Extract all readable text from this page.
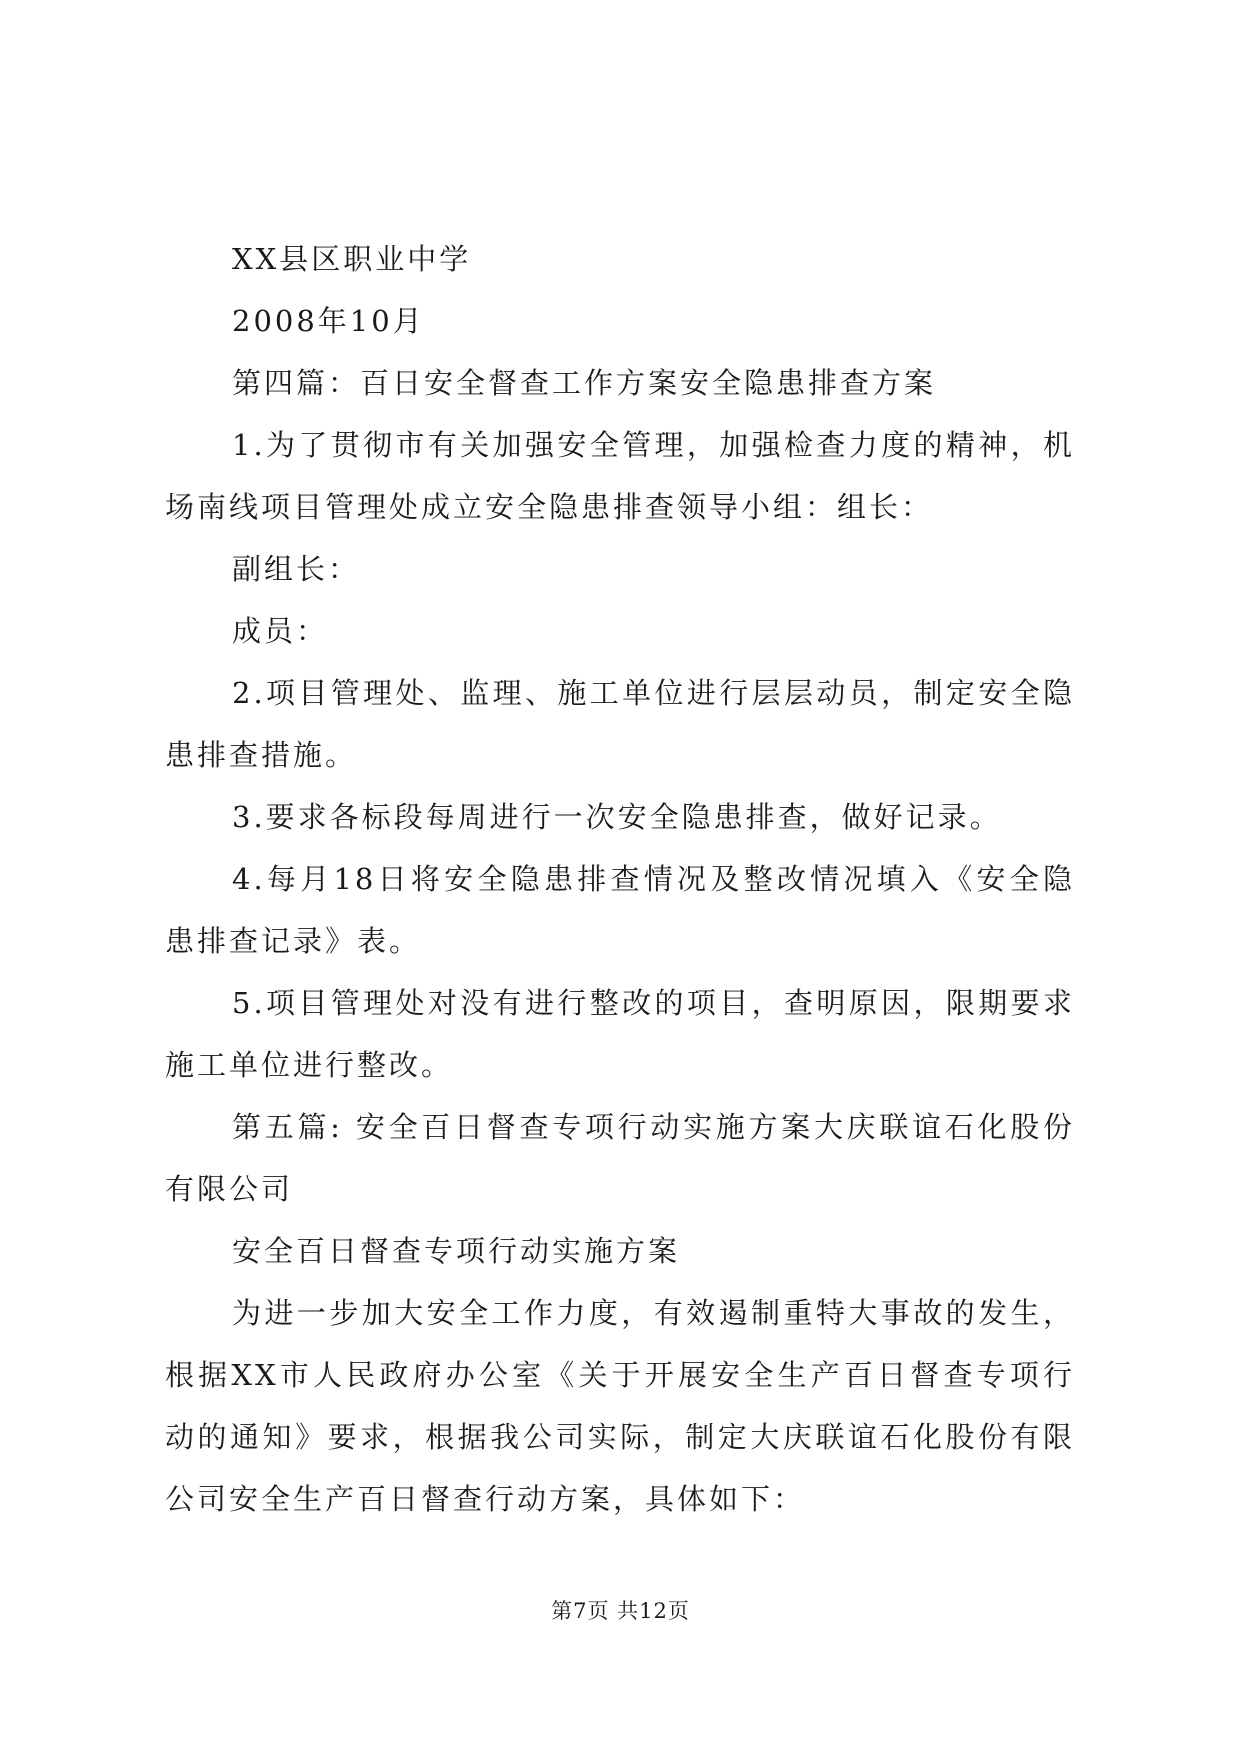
XX县区职业中学

2008年10月

第四篇：百日安全督查工作方案安全隐患排查方案

1.为了贯彻市有关加强安全管理，加强检查力度的精神，机场南线项目管理处成立安全隐患排查领导小组：组长：

副组长：

成员：

2.项目管理处、监理、施工单位进行层层动员，制定安全隐患排查措施。

3.要求各标段每周进行一次安全隐患排查，做好记录。

4.每月18日将安全隐患排查情况及整改情况填入《安全隐患排查记录》表。

5.项目管理处对没有进行整改的项目，查明原因，限期要求施工单位进行整改。

第五篇: 安全百日督查专项行动实施方案大庆联谊石化股份有限公司

安全百日督查专项行动实施方案

为进一步加大安全工作力度，有效遏制重特大事故的发生，根据XX市人民政府办公室《关于开展安全生产百日督查专项行动的通知》要求，根据我公司实际，制定大庆联谊石化股份有限公司安全生产百日督查行动方案，具体如下：

第7页 共12页
